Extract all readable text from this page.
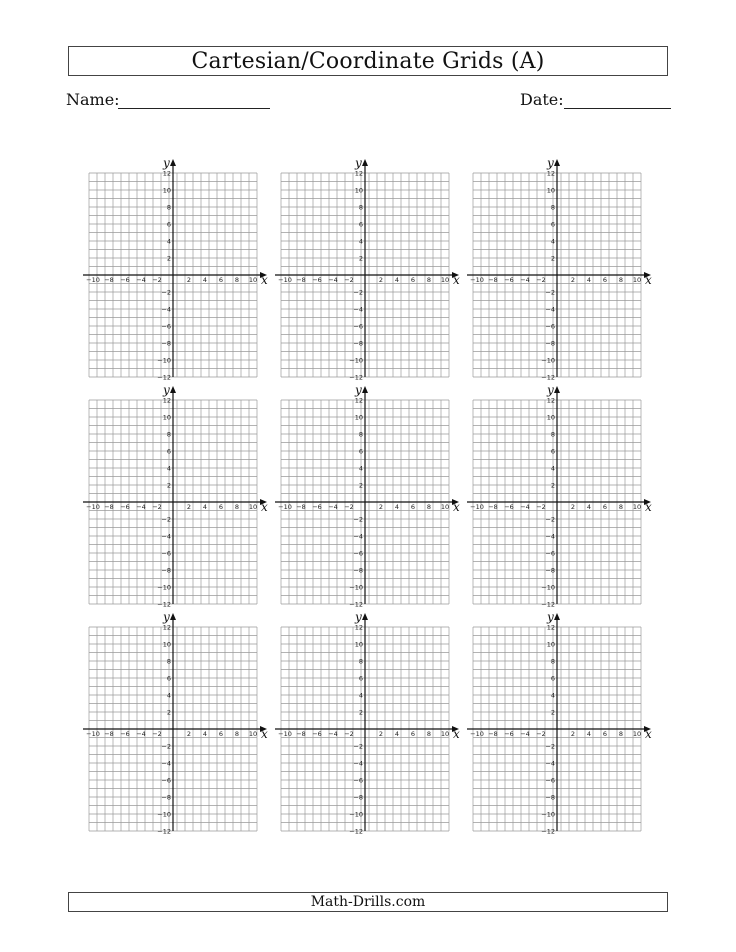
Cartesian/Coordinate Grids (A)
Name:	Date:
x
y
−10 −8 −6 −4 −2	2 4 6 8 10
12
10
8
6
4
2
−2
−4
−6
−8
−10
−12
x
y
−10 −8 −6 −4 −2	2 4 6 8 10
12
10
8
6
4
2
−2
−4
−6
−8
−10
−12
x
y
−10 −8 −6 −4 −2	2 4 6 8 10
12
10
8
6
4
2
−2
−4
−6
−8
−10
−12
x
y
−10 −8 −6 −4 −2	2 4 6 8 10
12
10
8
6
4
2
−2
−4
−6
−8
−10
−12
x
y
−10 −8 −6 −4 −2	2 4 6 8 10
12
10
8
6
4
2
−2
−4
−6
−8
−10
−12
x
y
−10 −8 −6 −4 −2	2 4 6 8 10
12
10
8
6
4
2
−2
−4
−6
−8
−10
−12
x
y
−10 −8 −6 −4 −2	2 4 6 8 10
12
10
8
6
4
2
−2
−4
−6
−8
−10
−12
x
y
−10 −8 −6 −4 −2	2 4 6 8 10
12
10
8
6
4
2
−2
−4
−6
−8
−10
−12
x
y
−10 −8 −6 −4 −2	2 4 6 8 10
12
10
8
6
4
2
−2
−4
−6
−8
−10
−12
Math-Drills.com
